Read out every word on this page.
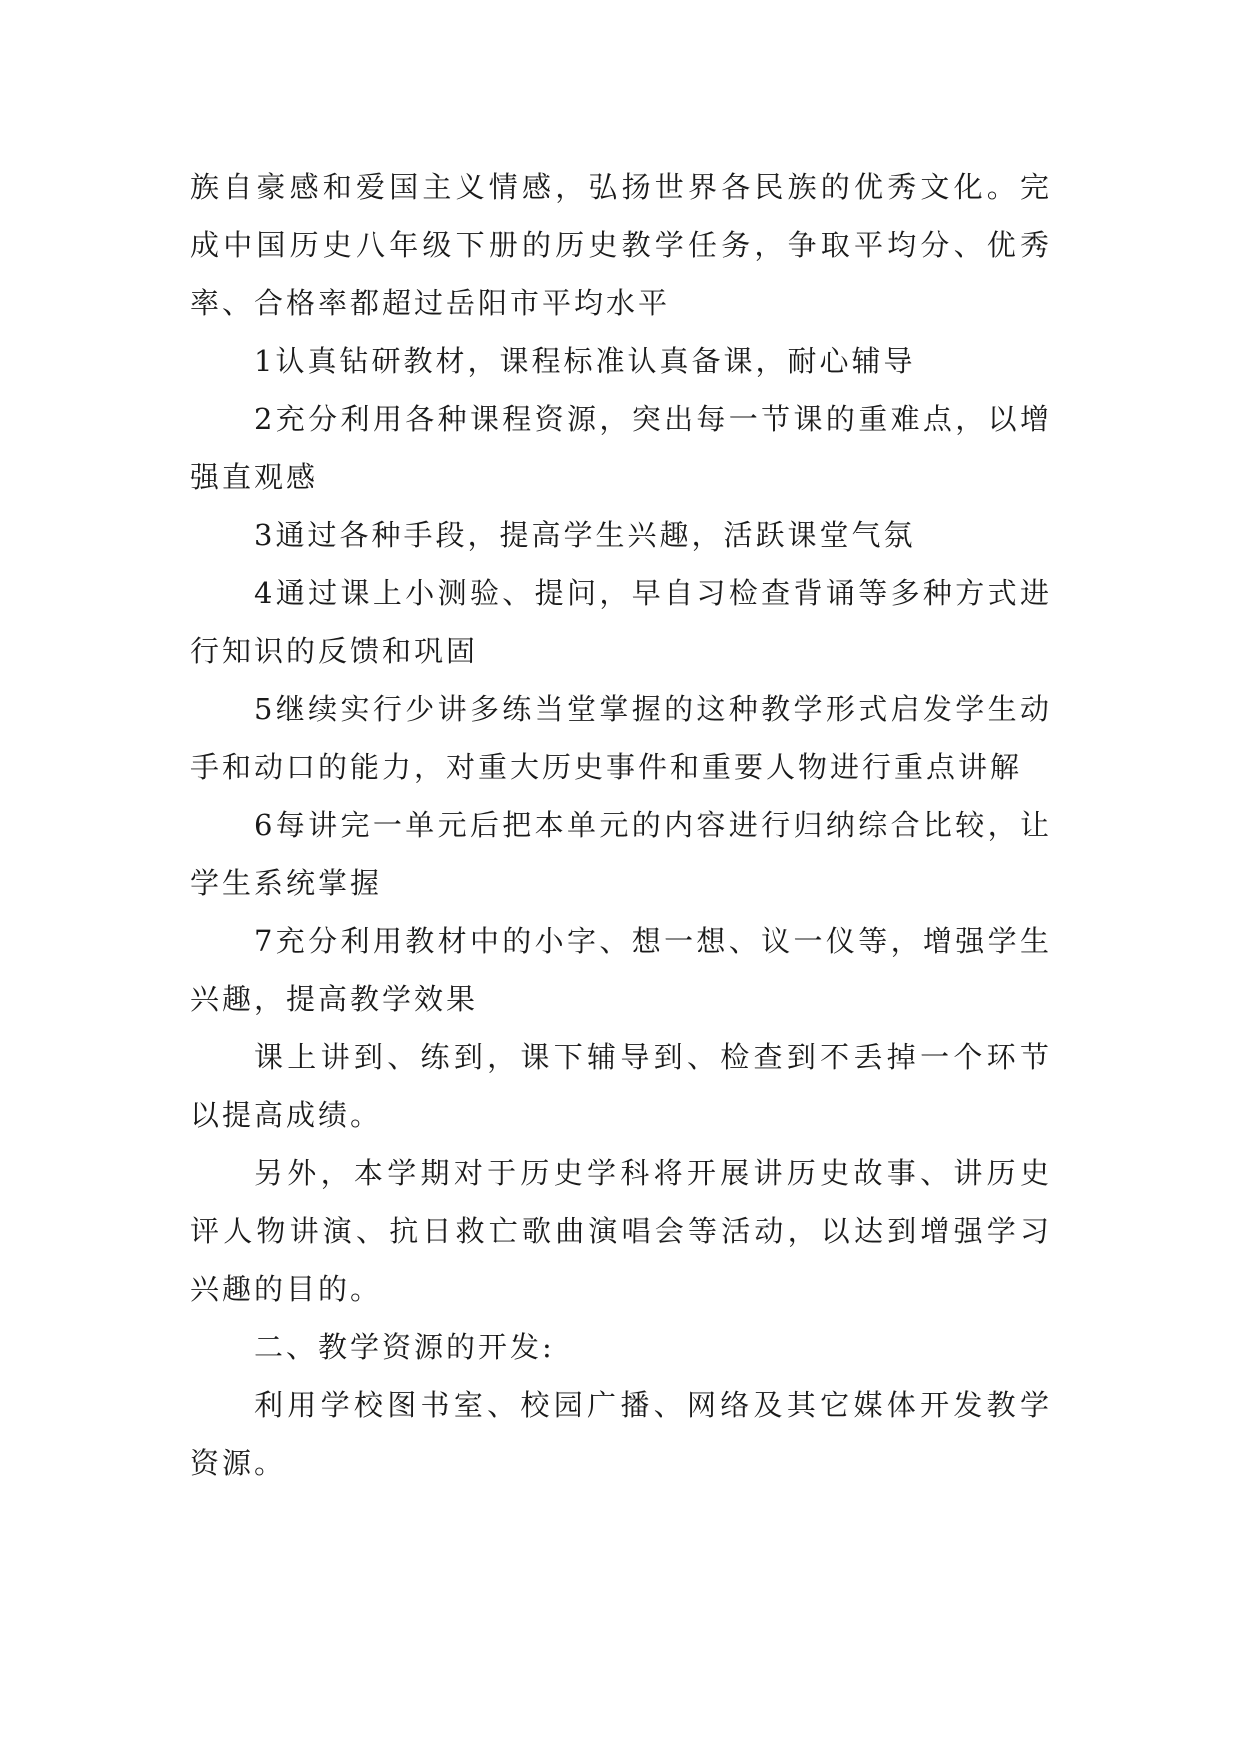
族自豪感和爱国主义情感，弘扬世界各民族的优秀文化。完成中国历史八年级下册的历史教学任务，争取平均分、优秀率、合格率都超过岳阳市平均水平

1认真钻研教材，课程标准认真备课，耐心辅导

2充分利用各种课程资源，突出每一节课的重难点，以增强直观感

3通过各种手段，提高学生兴趣，活跃课堂气氛

4通过课上小测验、提问，早自习检查背诵等多种方式进行知识的反馈和巩固

5继续实行少讲多练当堂掌握的这种教学形式启发学生动手和动口的能力，对重大历史事件和重要人物进行重点讲解

6每讲完一单元后把本单元的内容进行归纳综合比较，让学生系统掌握

7充分利用教材中的小字、想一想、议一仪等，增强学生兴趣，提高教学效果

课上讲到、练到，课下辅导到、检查到不丢掉一个环节以提高成绩。

另外，本学期对于历史学科将开展讲历史故事、讲历史评人物讲演、抗日救亡歌曲演唱会等活动，以达到增强学习兴趣的目的。

二、教学资源的开发:

利用学校图书室、校园广播、网络及其它媒体开发教学资源。
